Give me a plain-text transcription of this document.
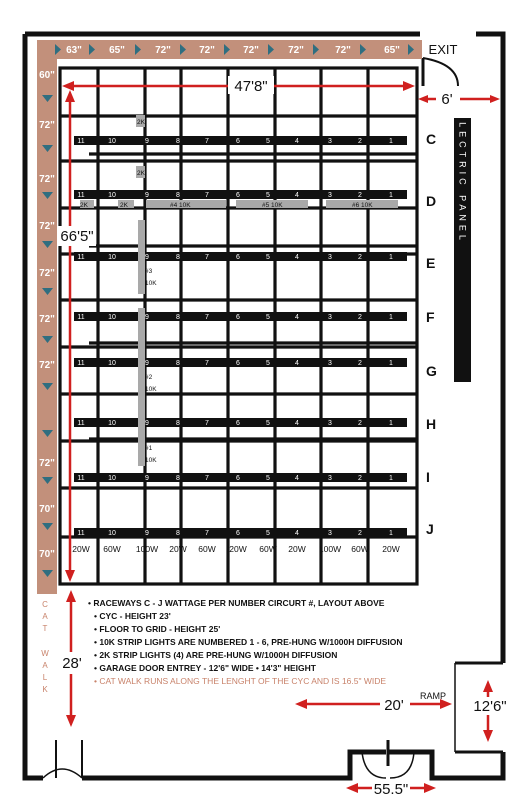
EXIT
63"	65"	72"	72"	72"	72"	72"	65"
60"
72"
72"
72"
72"
72"
72"
72"
70"
70"
ELECTRIC PANEL
11	10	9	8	7	6	5	4	3	2	1
11	10	9	8	7	6	5	4	3	2	1
11	10	9	8	7	6	5	4	3	2	1
11	10	9	8	7	6	5	4	3	2	1
11	10	9	8	7	6	5	4	3	2	1
11	10	9	8	7	6	5	4	3	2	1
11	10	9	8	7	6	5	4	3	2	1
11	10	9	8	7	6	5	4	3	2	1
C
D
E
F
G
H
I
J
2K
2K
2K	2K	#4 10K	#5 10K	#6 10K
#3
10K
#2
10K
#1
10K
20W 60W 100W 20W 60W 20W 60W 20W 100W 60W 20W
47'8"
66'5"
6'
28'
20'
RAMP
12'6"
55.5"
C
A
T
W
A
L
K
• RACEWAYS C - J WATTAGE PER NUMBER CIRCURT #, LAYOUT ABOVE
• CYC - HEIGHT 23'
• FLOOR TO GRID - HEIGHT 25'
• 10K STRIP LIGHTS ARE NUMBERED 1 - 6, PRE-HUNG W/1000H DIFFUSION
• 2K STRIP LIGHTS (4) ARE PRE-HUNG W/1000H DIFFUSION
• GARAGE DOOR ENTREY - 12'6" WIDE • 14'3" HEIGHT
• CAT WALK RUNS ALONG THE LENGHT OF THE CYC AND IS 16.5" WIDE
